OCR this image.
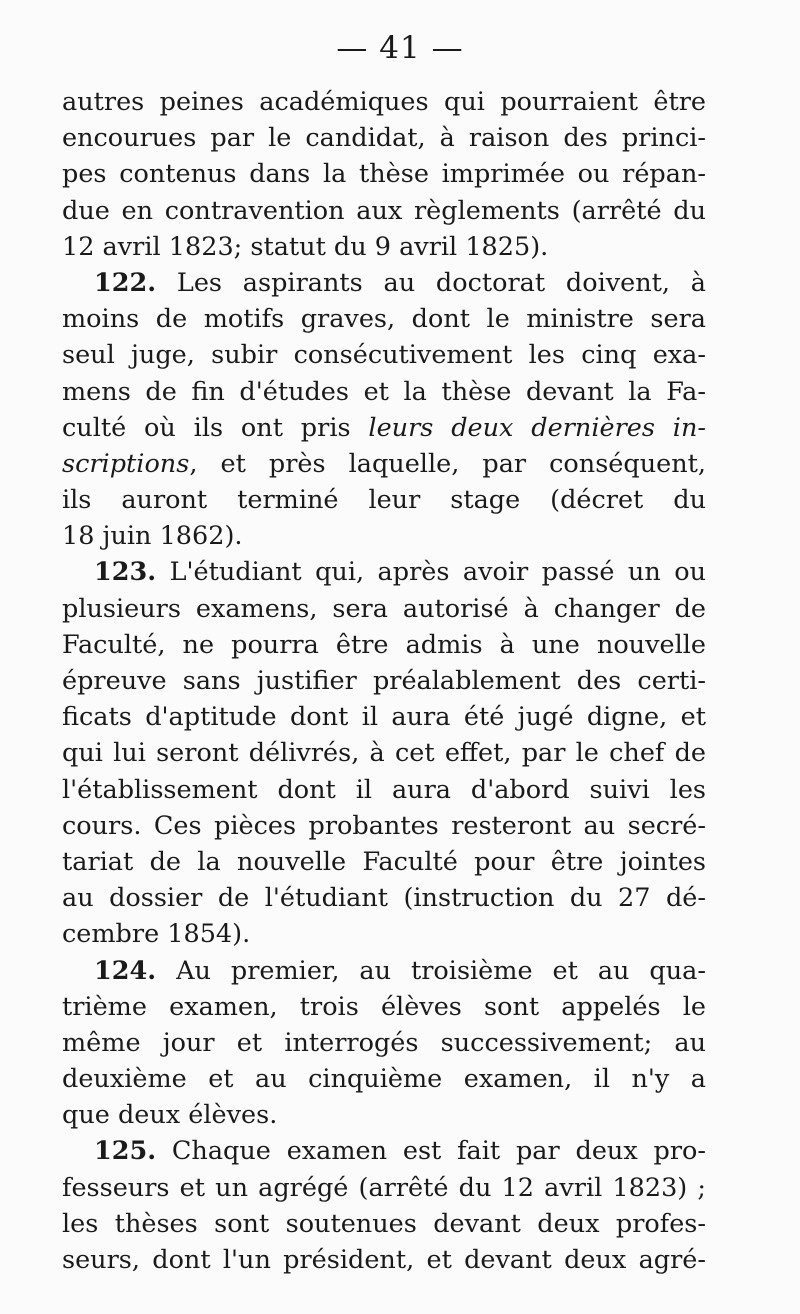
— 41 —
autres peines académiques qui pourraient être
encourues par le candidat, à raison des princi-
pes contenus dans la thèse imprimée ou répan-
due en contravention aux règlements (arrêté du
12 avril 1823; statut du 9 avril 1825).
122. Les aspirants au doctorat doivent, à
moins de motifs graves, dont le ministre sera
seul juge, subir consécutivement les cinq exa-
mens de fin d'études et la thèse devant la Fa-
culté où ils ont pris leurs deux dernières in-
scriptions, et près laquelle, par conséquent,
ils auront terminé leur stage (décret du
18 juin 1862).
123. L'étudiant qui, après avoir passé un ou
plusieurs examens, sera autorisé à changer de
Faculté, ne pourra être admis à une nouvelle
épreuve sans justifier préalablement des certi-
ficats d'aptitude dont il aura été jugé digne, et
qui lui seront délivrés, à cet effet, par le chef de
l'établissement dont il aura d'abord suivi les
cours. Ces pièces probantes resteront au secré-
tariat de la nouvelle Faculté pour être jointes
au dossier de l'étudiant (instruction du 27 dé-
cembre 1854).
124. Au premier, au troisième et au qua-
trième examen, trois élèves sont appelés le
même jour et interrogés successivement; au
deuxième et au cinquième examen, il n'y a
que deux élèves.
125. Chaque examen est fait par deux pro-
fesseurs et un agrégé (arrêté du 12 avril 1823) ;
les thèses sont soutenues devant deux profes-
seurs, dont l'un président, et devant deux agré-
